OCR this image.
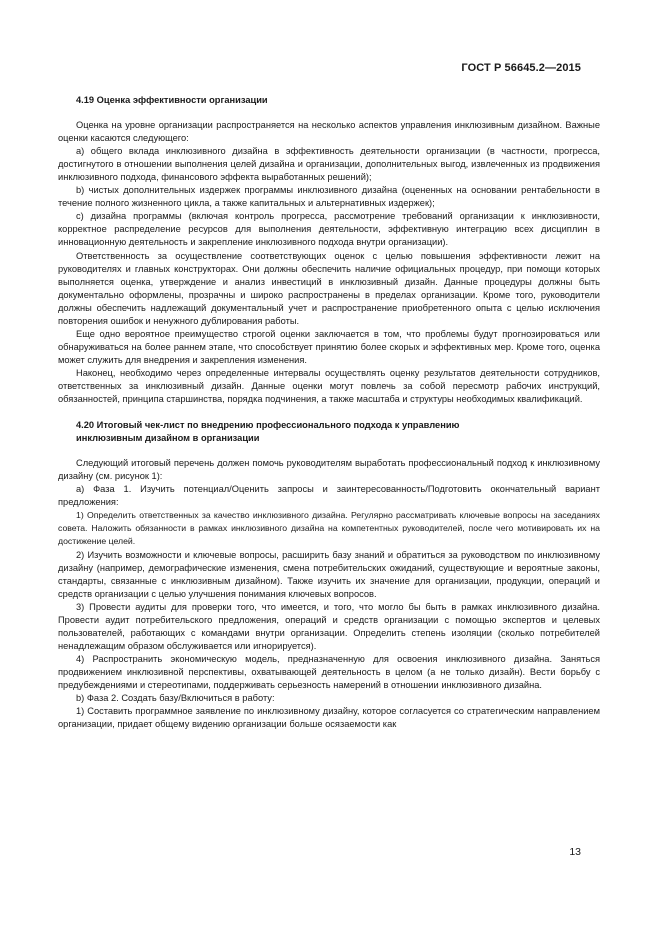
ГОСТ Р 56645.2—2015
4.19 Оценка эффективности организации

Оценка на уровне организации распространяется на несколько аспектов управления инклюзивным дизайном. Важные оценки касаются следующего:

а) общего вклада инклюзивного дизайна в эффективность деятельности организации (в частности, прогресса, достигнутого в отношении выполнения целей дизайна и организации, дополнительных выгод, извлеченных из продвижения инклюзивного подхода, финансового эффекта выработанных решений);

b) чистых дополнительных издержек программы инклюзивного дизайна (оцененных на основании рентабельности в течение полного жизненного цикла, а также капитальных и альтернативных издержек);

c) дизайна программы (включая контроль прогресса, рассмотрение требований организации к инклюзивности, корректное распределение ресурсов для выполнения деятельности, эффективную интеграцию всех дисциплин в инновационную деятельность и закрепление инклюзивного подхода внутри организации).

Ответственность за осуществление соответствующих оценок с целью повышения эффективности лежит на руководителях и главных конструкторах. Они должны обеспечить наличие официальных процедур, при помощи которых выполняется оценка, утверждение и анализ инвестиций в инклюзивный дизайн. Данные процедуры должны быть документально оформлены, прозрачны и широко распространены в пределах организации. Кроме того, руководители должны обеспечить надлежащий документальный учет и распространение приобретенного опыта с целью исключения повторения ошибок и ненужного дублирования работы.

Еще одно вероятное преимущество строгой оценки заключается в том, что проблемы будут прогнозироваться или обнаруживаться на более раннем этапе, что способствует принятию более скорых и эффективных мер. Кроме того, оценка может служить для внедрения и закрепления изменения.

Наконец, необходимо через определенные интервалы осуществлять оценку результатов деятельности сотрудников, ответственных за инклюзивный дизайн. Данные оценки могут повлечь за собой пересмотр рабочих инструкций, обязанностей, принципа старшинства, порядка подчинения, а также масштаба и структуры необходимых квалификаций.

4.20 Итоговый чек-лист по внедрению профессионального подхода к управлению
инклюзивным дизайном в организации

Следующий итоговый перечень должен помочь руководителям выработать профессиональный подход к инклюзивному дизайну (см. рисунок 1):

а) Фаза 1. Изучить потенциал/Оценить запросы и заинтересованность/Подготовить окончательный вариант предложения:

1) Определить ответственных за качество инклюзивного дизайна. Регулярно рассматривать ключевые вопросы на заседаниях совета. Наложить обязанности в рамках инклюзивного дизайна на компетентных руководителей, после чего мотивировать их на достижение целей.

2) Изучить возможности и ключевые вопросы, расширить базу знаний и обратиться за руководством по инклюзивному дизайну (например, демографические изменения, смена потребительских ожиданий, существующие и вероятные законы, стандарты, связанные с инклюзивным дизайном). Также изучить их значение для организации, продукции, операций и средств организации с целью улучшения понимания ключевых вопросов.

3) Провести аудиты для проверки того, что имеется, и того, что могло бы быть в рамках инклюзивного дизайна. Провести аудит потребительского предложения, операций и средств организации с помощью экспертов и целевых пользователей, работающих с командами внутри организации. Определить степень изоляции (сколько потребителей ненадлежащим образом обслуживается или игнорируется).

4) Распространить экономическую модель, предназначенную для освоения инклюзивного дизайна. Заняться продвижением инклюзивной перспективы, охватывающей деятельность в целом (а не только дизайн). Вести борьбу с предубеждениями и стереотипами, поддерживать серьезность намерений в отношении инклюзивного дизайна.

b) Фаза 2. Создать базу/Включиться в работу:

1) Составить программное заявление по инклюзивному дизайну, которое согласуется со стратегическим направлением организации, придает общему видению организации больше осязаемости как

13
